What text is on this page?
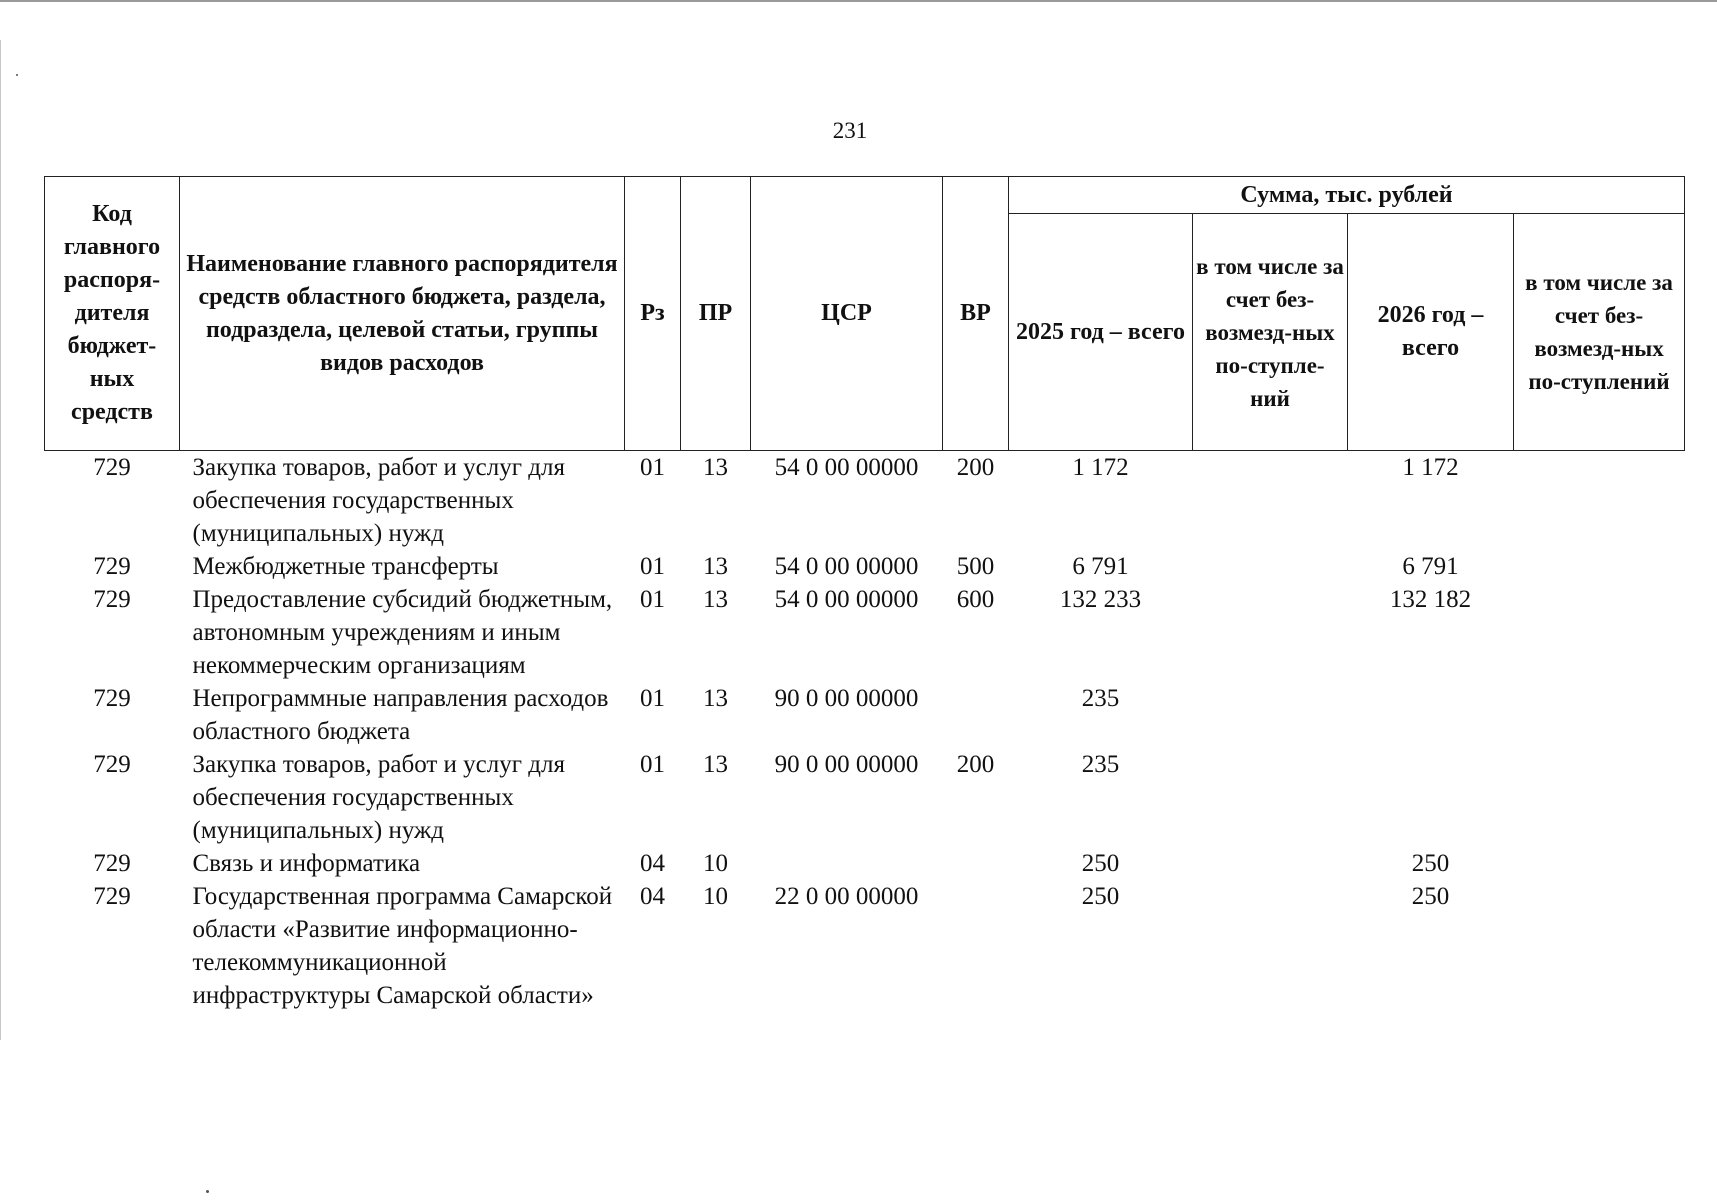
231
Код главного распоря-дителя бюджет-ных средств	Наименование главного распорядителя средств областного бюджета, раздела, подраздела, целевой статьи, группы видов расходов	Рз	ПР	ЦСР	ВР	Сумма, тыс. рублей			
						2025 год – всего	в том числе за счет без-возмезд-ных по-ступле-ний	2026 год – всего	в том числе за счет без-возмезд-ных по-ступлений
729	Закупка товаров, работ и услуг для обеспечения государственных (муниципальных) нужд	01	13	54 0 00 00000	200	1 172		1 172	
729	Межбюджетные трансферты	01	13	54 0 00 00000	500	6 791		6 791	
729	Предоставление субсидий бюджетным, автономным учреждениям и иным некоммерческим организациям	01	13	54 0 00 00000	600	132 233		132 182	
729	Непрограммные направления расходов областного бюджета	01	13	90 0 00 00000		235			
729	Закупка товаров, работ и услуг для обеспечения государственных (муниципальных) нужд	01	13	90 0 00 00000	200	235			
729	Связь и информатика	04	10			250		250	
729	Государственная программа Самарской области «Развитие информационно-телекоммуникационной инфраструктуры Самарской области»	04	10	22 0 00 00000		250		250	
